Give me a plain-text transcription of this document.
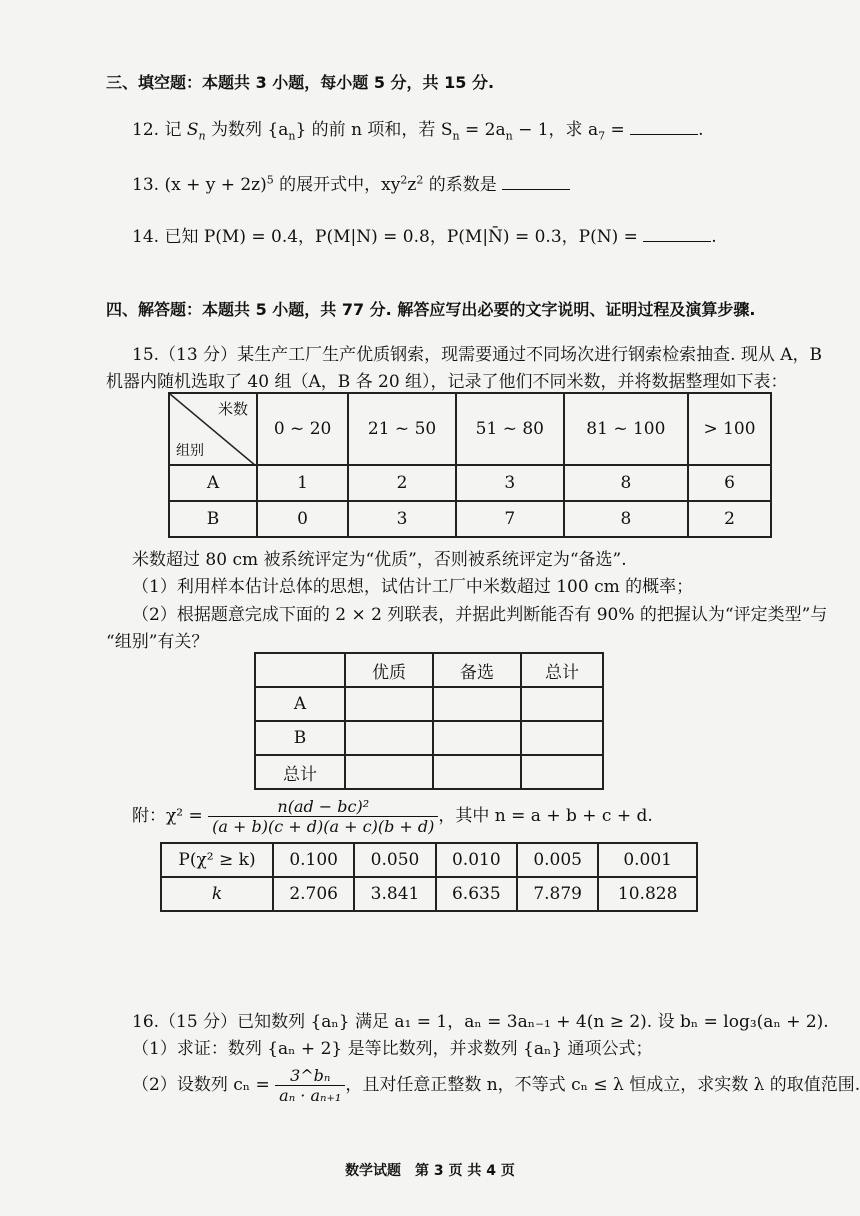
三、填空题：本题共 3 小题，每小题 5 分，共 15 分.
12. 记 $S_n$ 为数列 $\{a_n\}$ 的前 n 项和，若 $S_n = 2a_n - 1$，求 $a_7$ =	.
13. $(x + y + 2z)^5$ 的展开式中，$xy^2z^2$ 的系数是
14. 已知 P(M) = 0.4，P(M|N) = 0.8，P(M|N̄) = 0.3，P(N) =	.
四、解答题：本题共 5 小题，共 77 分. 解答应写出必要的文字说明、证明过程及演算步骤.
15.（13 分）某生产工厂生产优质钢索，现需要通过不同场次进行钢索检索抽查. 现从 A，B
机器内随机选取了 40 组（A，B 各 20 组），记录了他们不同米数，并将数据整理如下表：
米数
组别	0 ~ 20	21 ~ 50	51 ~ 80	81 ~ 100	> 100
A	1	2	3	8	6
B	0	3	7	8	2
米数超过 80 cm 被系统评定为“优质”，否则被系统评定为“备选”.
（1）利用样本估计总体的思想，试估计工厂中米数超过 100 cm 的概率；
（2）根据题意完成下面的 2 × 2 列联表，并据此判断能否有 90% 的把握认为“评定类型”与
“组别”有关？
	优质	备选	总计
A			
B			
总计			
附：$\chi^2 = \frac{\text{n(ad − bc)²}}{(a + b)(c + d)(a + c)(b + d)}$ ，其中 n = a + b + c + d.
P(χ² ≥ k)	0.100	0.050	0.010	0.005	0.001
k	2.706	3.841	6.635	7.879	10.828
16.（15 分）已知数列 {aₙ} 满足 a₁ = 1，aₙ = 3aₙ₋₁ + 4(n ≥ 2). 设 bₙ = log₃(aₙ + 2).
（1）求证：数列 {aₙ + 2} 是等比数列，并求数列 {aₙ} 通项公式；
（2）设数列 $c_n = \frac{\text{3\textasciicircum{}bₙ}}{\text{aₙ · aₙ₊₁}}$ ，且对任意正整数 n，不等式 cₙ ≤ λ 恒成立，求实数 λ 的取值范围.
数学试题　第 3 页 共 4 页
